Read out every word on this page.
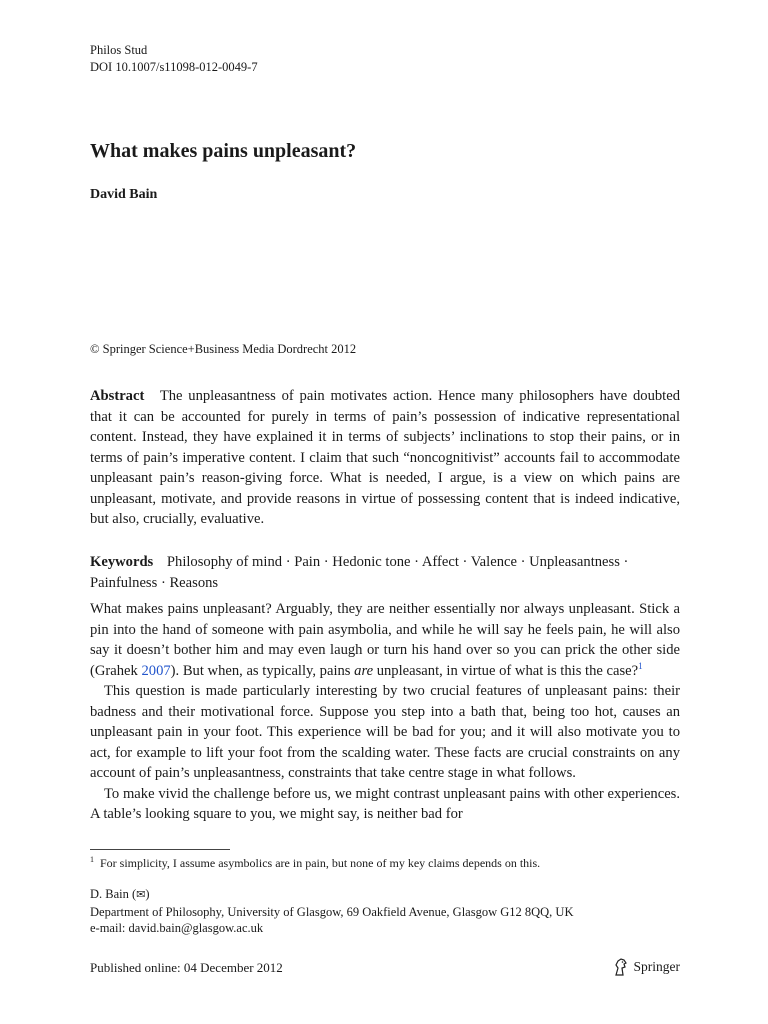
Philos Stud
DOI 10.1007/s11098-012-0049-7
What makes pains unpleasant?
David Bain
© Springer Science+Business Media Dordrecht 2012
Abstract The unpleasantness of pain motivates action. Hence many philosophers have doubted that it can be accounted for purely in terms of pain’s possession of indicative representational content. Instead, they have explained it in terms of subjects’ inclinations to stop their pains, or in terms of pain’s imperative content. I claim that such “noncognitivist” accounts fail to accommodate unpleasant pain’s reason-giving force. What is needed, I argue, is a view on which pains are unpleasant, motivate, and provide reasons in virtue of possessing content that is indeed indicative, but also, crucially, evaluative.
Keywords Philosophy of mind · Pain · Hedonic tone · Affect · Valence · Unpleasantness · Painfulness · Reasons

What makes pains unpleasant? Arguably, they are neither essentially nor always unpleasant. Stick a pin into the hand of someone with pain asymbolia, and while he will say he feels pain, he will also say it doesn’t bother him and may even laugh or turn his hand over so you can prick the other side (Grahek 2007). But when, as typically, pains are unpleasant, in virtue of what is this the case?$^1$

This question is made particularly interesting by two crucial features of unpleasant pains: their badness and their motivational force. Suppose you step into a bath that, being too hot, causes an unpleasant pain in your foot. This experience will be bad for you; and it will also motivate you to act, for example to lift your foot from the scalding water. These facts are crucial constraints on any account of pain’s unpleasantness, constraints that take centre stage in what follows.

To make vivid the challenge before us, we might contrast unpleasant pains with other experiences. A table’s looking square to you, we might say, is neither bad for

$^1$ For simplicity, I assume asymbolics are in pain, but none of my key claims depends on this.
D. Bain (✉)
Department of Philosophy, University of Glasgow, 69 Oakfield Avenue, Glasgow G12 8QQ, UK
e-mail: david.bain@glasgow.ac.uk
Published online: 04 December 2012	Springer
